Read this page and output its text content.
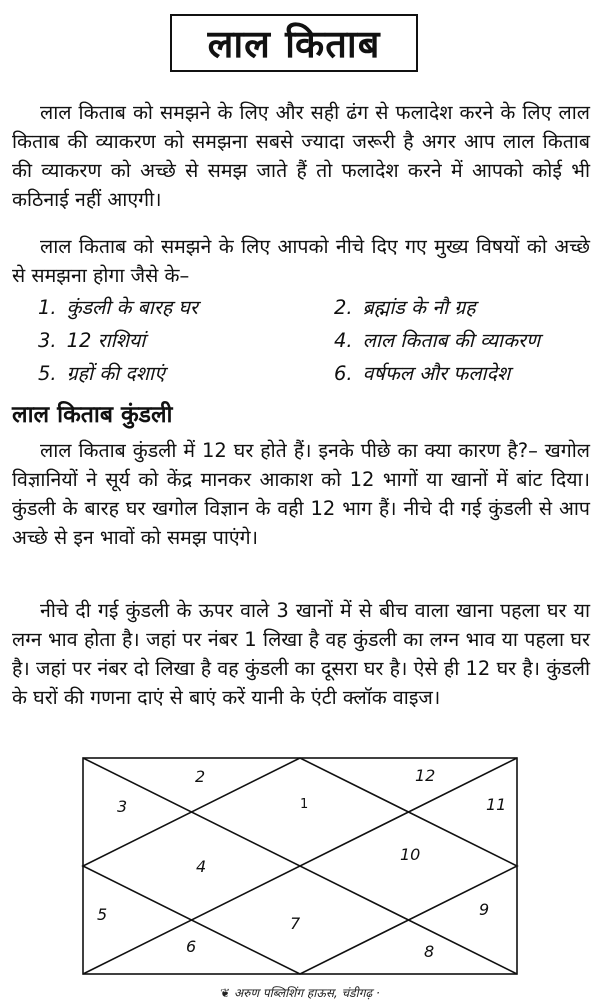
लाल किताब

लाल किताब को समझने के लिए और सही ढंग से फलादेश करने के लिए लाल किताब की व्याकरण को समझना सबसे ज्यादा जरूरी है अगर आप लाल किताब की व्याकरण को अच्छे से समझ जाते हैं तो फलादेश करने में आपको कोई भी कठिनाई नहीं आएगी।

लाल किताब को समझने के लिए आपको नीचे दिए गए मुख्य विषयों को अच्छे से समझना होगा जैसे के–

1. कुंडली के बारह घर	2. ब्रह्मांड के नौ ग्रह
3. 12 राशियां	4. लाल किताब की व्याकरण
5. ग्रहों की दशाएं	6. वर्षफल और फलादेश
लाल किताब कुंडली

लाल किताब कुंडली में 12 घर होते हैं। इनके पीछे का क्या कारण है?– खगोल विज्ञानियों ने सूर्य को केंद्र मानकर आकाश को 12 भागों या खानों में बांट दिया। कुंडली के बारह घर खगोल विज्ञान के वही 12 भाग हैं। नीचे दी गई कुंडली से आप अच्छे से इन भावों को समझ पाएंगे।

नीचे दी गई कुंडली के ऊपर वाले 3 खानों में से बीच वाला खाना पहला घर या लग्न भाव होता है। जहां पर नंबर 1 लिखा है वह कुंडली का लग्न भाव या पहला घर है। जहां पर नंबर दो लिखा है वह कुंडली का दूसरा घर है। ऐसे ही 12 घर है। कुंडली के घरों की गणना दाएं से बाएं करें यानी के एंटी क्लॉक वाइज।

1
2
3
4
5
6
7
8
9
10
11
12
❦ अरुण पब्लिशिंग हाऊस, चंडीगढ़ ·
